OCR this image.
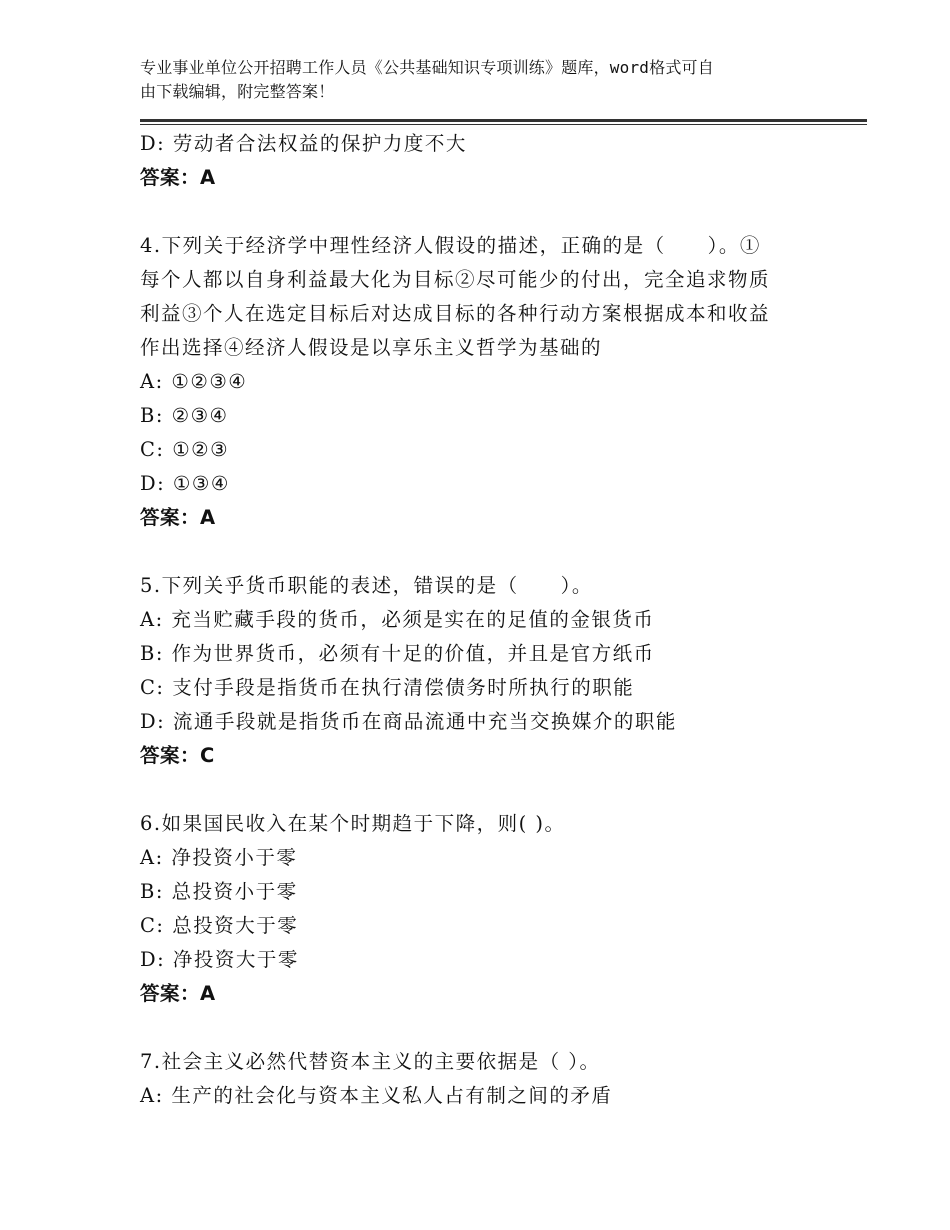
专业事业单位公开招聘工作人员《公共基础知识专项训练》题库，word格式可自
由下载编辑，附完整答案！
D: 劳动者合法权益的保护力度不大
答案：A
4.下列关于经济学中理性经济人假设的描述，正确的是（　　）。①
每个人都以自身利益最大化为目标②尽可能少的付出，完全追求物质
利益③个人在选定目标后对达成目标的各种行动方案根据成本和收益
作出选择④经济人假设是以享乐主义哲学为基础的
A: ①②③④
B: ②③④
C: ①②③
D: ①③④
答案：A
5.下列关乎货币职能的表述，错误的是（　　）。
A: 充当贮藏手段的货币，必须是实在的足值的金银货币
B: 作为世界货币，必须有十足的价值，并且是官方纸币
C: 支付手段是指货币在执行清偿债务时所执行的职能
D: 流通手段就是指货币在商品流通中充当交换媒介的职能
答案：C
6.如果国民收入在某个时期趋于下降，则( )。
A: 净投资小于零
B: 总投资小于零
C: 总投资大于零
D: 净投资大于零
答案：A
7.社会主义必然代替资本主义的主要依据是（ ）。
A: 生产的社会化与资本主义私人占有制之间的矛盾
